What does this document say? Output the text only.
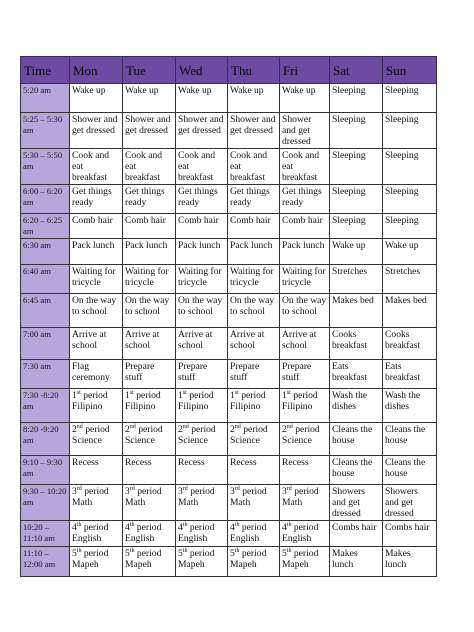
Time	Mon	Tue	Wed	Thu	Fri	Sat	Sun
5:20 am	Wake up	Wake up	Wake up	Wake up	Wake up	Sleeping	Sleeping
5:25 – 5:30 am	Shower and get dressed	Shower and get dressed	Shower and get dressed	Shower and get dressed	Shower and get dressed	Sleeping	Sleeping
5:30 – 5:50 am	Cook and eat breakfast	Cook and eat breakfast	Cook and eat breakfast	Cook and eat breakfast	Cook and eat breakfast	Sleeping	Sleeping
6:00 – 6:20 am	Get things ready	Get things ready	Get things ready	Get things ready	Get things ready	Sleeping	Sleeping
6:20 – 6:25 am	Comb hair	Comb hair	Comb hair	Comb hair	Comb hair	Sleeping	Sleeping
6:30 am	Pack lunch	Pack lunch	Pack lunch	Pack lunch	Pack lunch	Wake up	Wake up
6:40 am	Waiting for tricycle	Waiting for tricycle	Waiting for tricycle	Waiting for tricycle	Waiting for tricycle	Stretches	Stretches
6:45 am	On the way to school	On the way to school	On the way to school	On the way to school	On the way to school	Makes bed	Makes bed
7:00 am	Arrive at school	Arrive at school	Arrive at school	Arrive at school	Arrive at school	Cooks breakfast	Cooks breakfast
7:30 am	Flag ceremony	Prepare stuff	Prepare stuff	Prepare stuff	Prepare stuff	Eats breakfast	Eats breakfast
7:30 -8:20 am	1st period Filipino	1st period Filipino	1st period Filipino	1st period Filipino	1st period Filipino	Wash the dishes	Wash the dishes
8:20 -9:20 am	2nd period Science	2nd period Science	2nd period Science	2nd period Science	2nd period Science	Cleans the house	Cleans the house
9:10 – 9:30 am	Recess	Recess	Recess	Recess	Recess	Cleans the house	Cleans the house
9:30 – 10:20 am	3rd period Math	3rd period Math	3rd period Math	3rd period Math	3rd period Math	Showers and get dressed	Showers and get dressed
10:20 – 11:10 am	4th period English	4th period English	4th period English	4th period English	4th period English	Combs hair	Combs hair
11:10 – 12:00 am	5th period Mapeh	5th period Mapeh	5th period Mapeh	5th period Mapeh	5th period Mapeh	Makes lunch	Makes lunch
